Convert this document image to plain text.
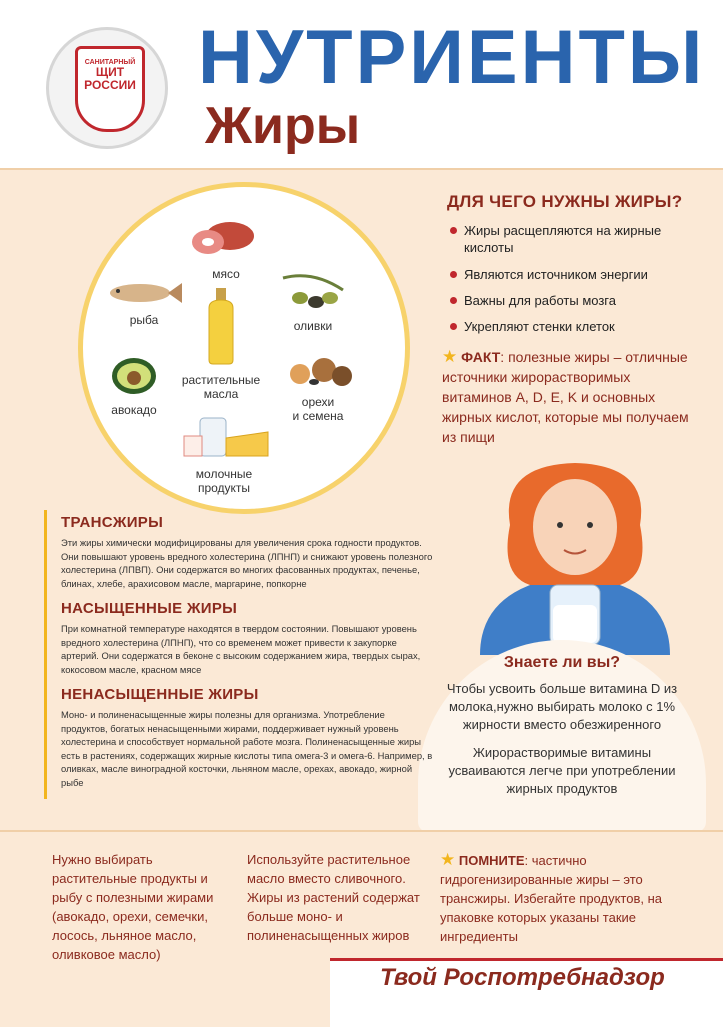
САНИТАРНЫЙ
ЩИТ
РОССИИ НУТРИЕНТЫ
Жиры
мясо
рыба	оливки
растительные
масла
авокадо
орехи
и семена
молочные
продукты
ДЛЯ ЧЕГО НУЖНЫ ЖИРЫ?
Жиры расщепляются на жирные кислоты
Являются источником энергии
Важны для работы мозга
Укрепляют стенки клеток
★ ФАКТ: полезные жиры – отличные источники жирорастворимых витаминов A, D, E, K и основных жирных кислот, которые мы получаем из пищи
Знаете ли вы?

Чтобы усвоить больше витамина D из молока,нужно выбирать молоко с 1% жирности вместо обезжиренного

Жирорастворимые витамины усваиваются легче при употреблении жирных продуктов

ТРАНСЖИРЫ

Эти жиры химически модифицированы для увеличения срока годности продуктов. Они повышают уровень вредного холестерина (ЛПНП) и снижают уровень полезного холестерина (ЛПВП). Они содержатся во многих фасованных продуктах, печенье, блинах, хлебе, арахисовом масле, маргарине, попкорне

НАСЫЩЕННЫЕ ЖИРЫ

При комнатной температуре находятся в твердом состоянии. Повышают уровень вредного холестерина (ЛПНП), что со временем может привести к закупорке артерий. Они содержатся в беконе с высоким содержанием жира, твердых сырах, кокосовом масле, красном мясе

НЕНАСЫЩЕННЫЕ ЖИРЫ

Моно- и полиненасыщенные жиры полезны для организма. Употребление продуктов, богатых ненасыщенными жирами, поддерживает нужный уровень холестерина и способствует нормальной работе мозга. Полиненасыщенные жиры есть в растениях, содержащих жирные кислоты типа омега-3 и омега-6. Например, в оливках, масле виноградной косточки, льняном масле, орехах, авокадо, жирной рыбе

Нужно выбирать растительные продукты и рыбу с полезными жирами (авокадо, орехи, семечки, лосось, льняное масло, оливковое масло)
Используйте растительное масло вместо сливочного. Жиры из растений содержат больше моно- и полиненасыщенных жиров
★ ПОМНИТЕ: частично гидрогенизированные жиры – это трансжиры. Избегайте продуктов, на упаковке которых указаны такие ингредиенты
Твой Роспотребнадзор
